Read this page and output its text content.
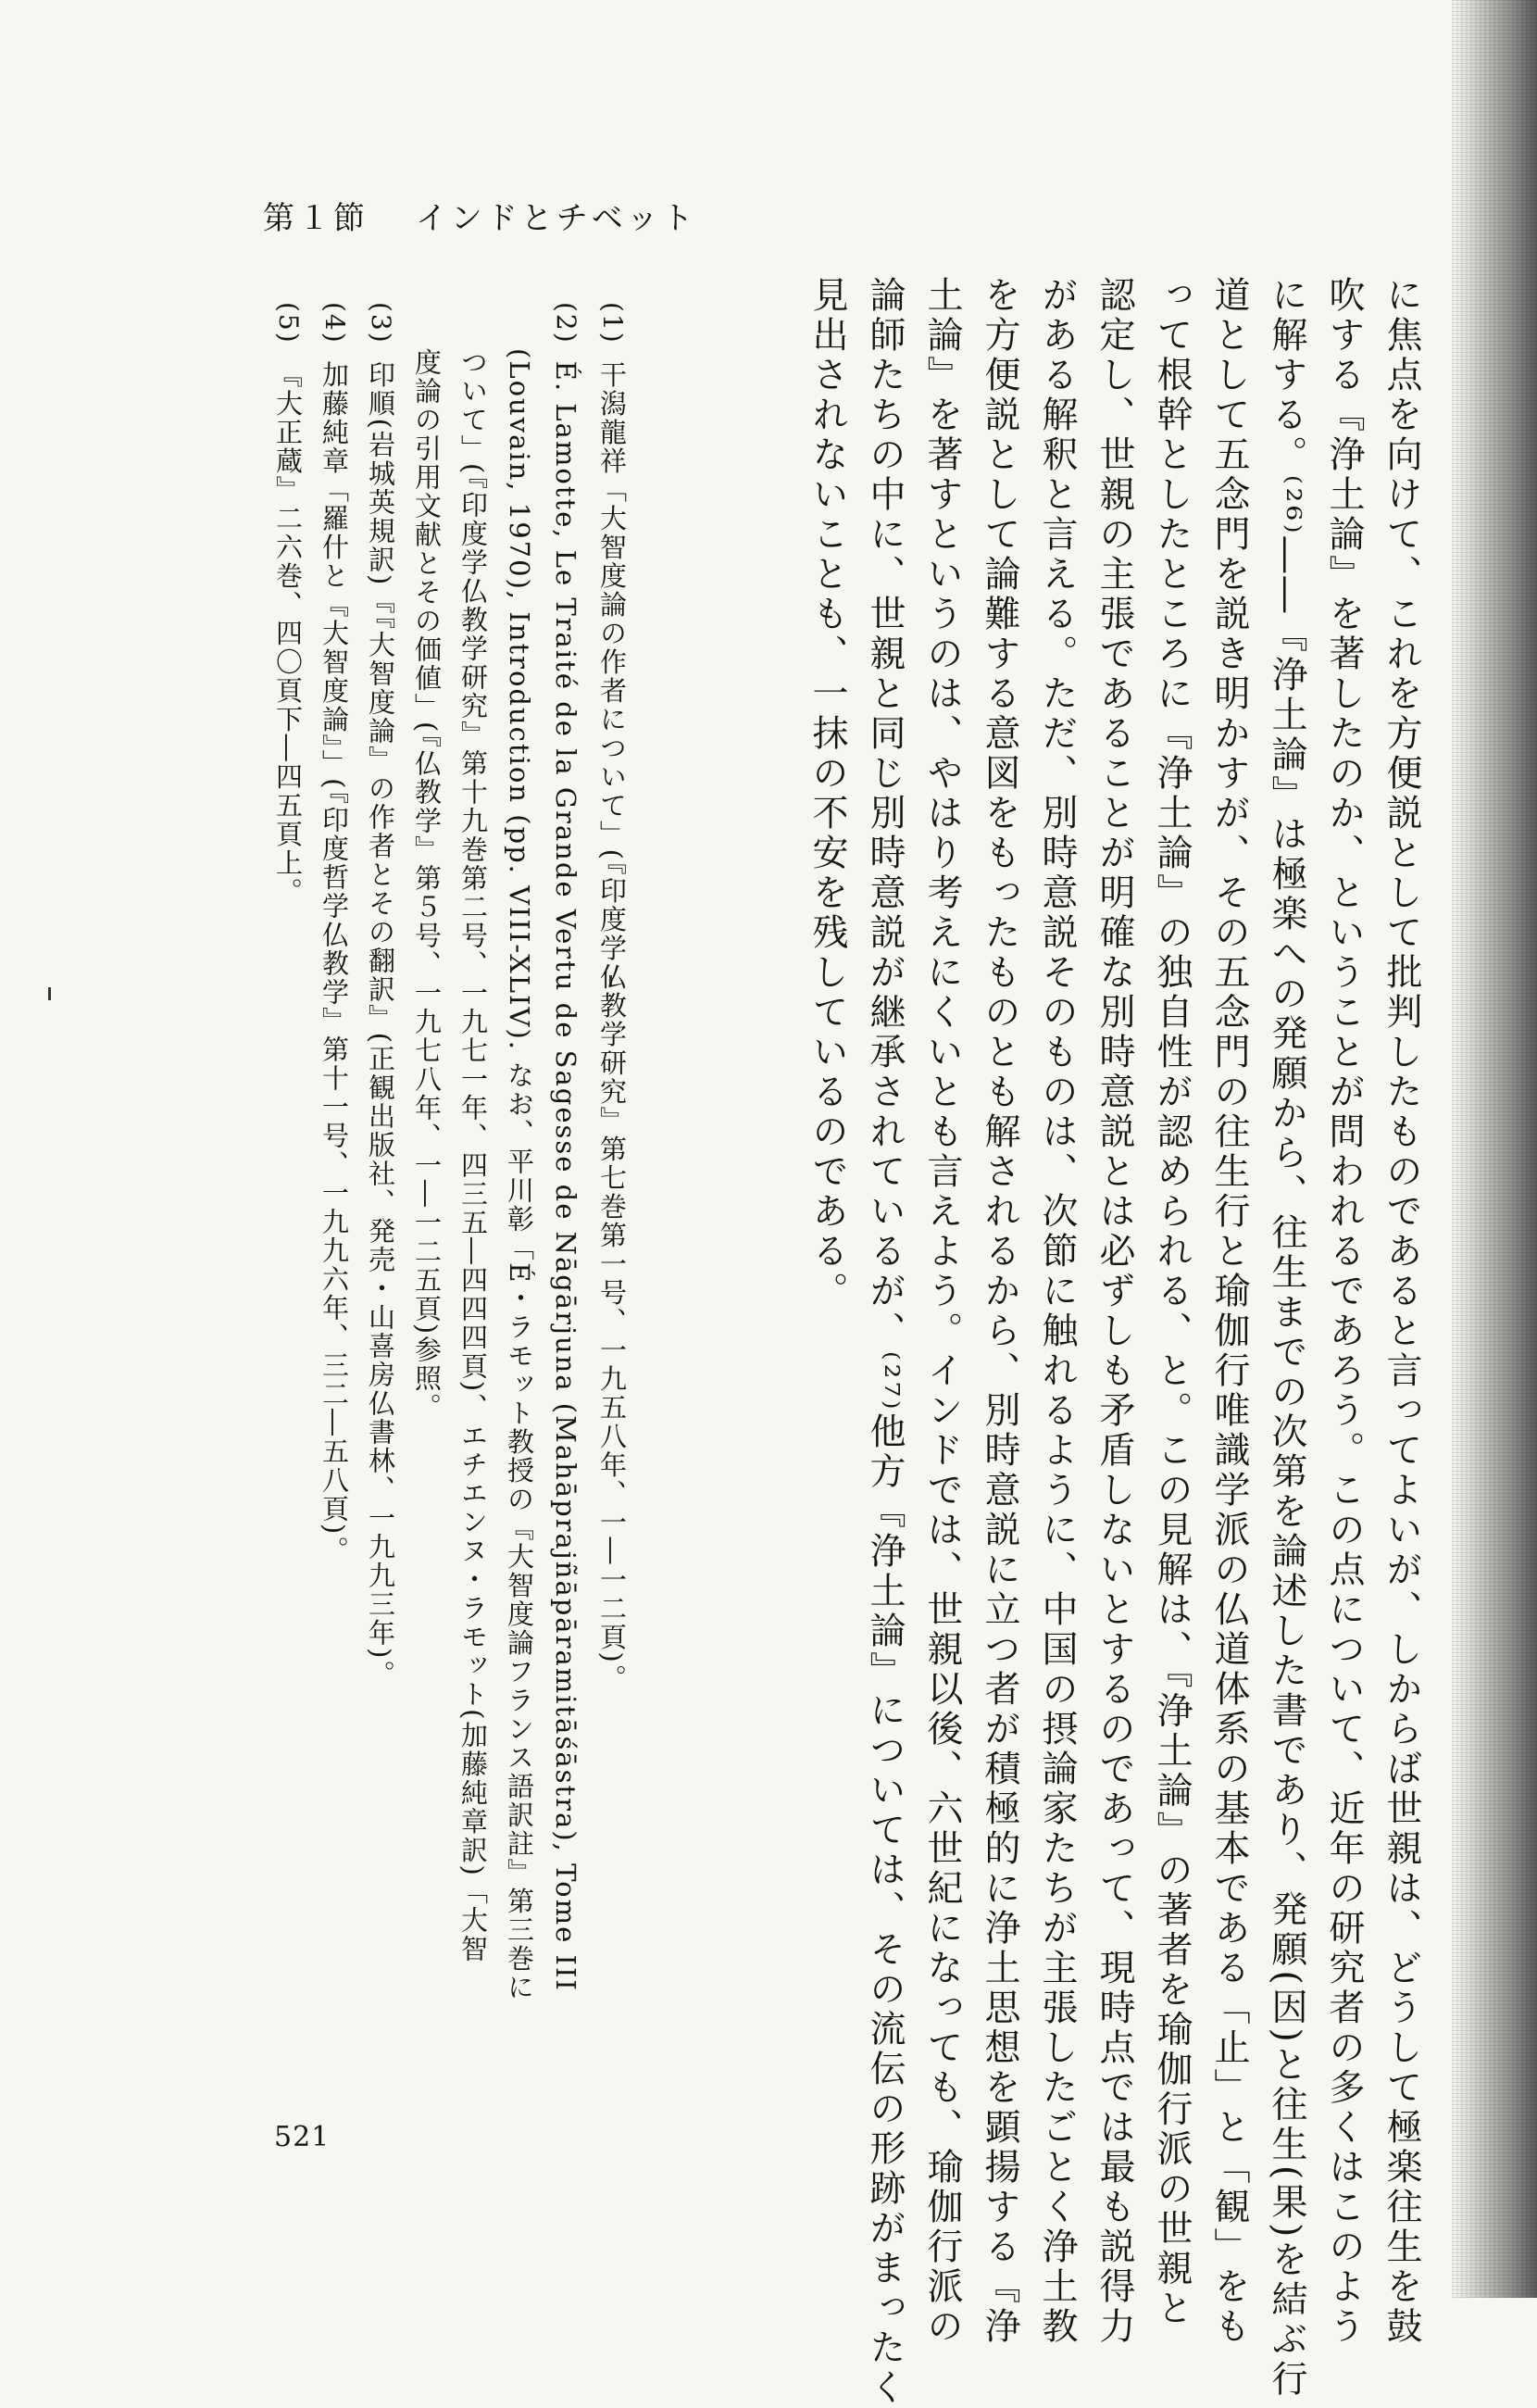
第１節 インドとチベット
に焦点を向けて、これを方便説として批判したものであると言ってよいが、しからば世親は、どうして極楽往生を鼓
吹する『浄土論』を著したのか、ということが問われるであろう。この点について、近年の研究者の多くはこのよう
に解する。⁽²⁶⁾――『浄土論』は極楽への発願から、往生までの次第を論述した書であり、発願(因)と往生(果)を結ぶ行
道として五念門を説き明かすが、その五念門の往生行と瑜伽行唯識学派の仏道体系の基本である「止」と「観」をも
って根幹としたところに『浄土論』の独自性が認められる、と。この見解は、『浄土論』の著者を瑜伽行派の世親と
認定し、世親の主張であることが明確な別時意説とは必ずしも矛盾しないとするのであって、現時点では最も説得力
がある解釈と言える。ただ、別時意説そのものは、次節に触れるように、中国の摂論家たちが主張したごとく浄土教
を方便説として論難する意図をもったものとも解されるから、別時意説に立つ者が積極的に浄土思想を顕揚する『浄
土論』を著すというのは、やはり考えにくいとも言えよう。インドでは、世親以後、六世紀になっても、瑜伽行派の
論師たちの中に、世親と同じ別時意説が継承されているが、⁽²⁷⁾他方『浄土論』については、その流伝の形跡がまったく
見出されないことも、一抹の不安を残しているのである。
(1)干潟龍祥「大智度論の作者について」(『印度学仏教学研究』第七巻第一号、一九五八年、一―一二頁)。
(2)É. Lamotte, Le Traité de la Grande Vertu de Sagesse de Nāgārjuna (Mahāprajñāpāramitāśāstra), Tome III
(Louvain, 1970), Introduction (pp. VIII-XLIV). なお、平川彰「É・ラモット教授の『大智度論フランス語訳註』第三巻に
ついて」(『印度学仏教学研究』第十九巻第二号、一九七一年、四三五―四四四頁)、エチエンヌ・ラモット(加藤純章訳)「大智
度論の引用文献とその価値」(『仏教学』第５号、一九七八年、一―一二五頁)参照。
(3)印順(岩城英規訳)『『大智度論』の作者とその翻訳』(正観出版社、発売・山喜房仏書林、一九九三年)。
(4)加藤純章「羅什と『大智度論』」(『印度哲学仏教学』第十一号、一九九六年、三二―五八頁)。
(5)『大正蔵』二六巻、四〇頁下―四五頁上。
521
